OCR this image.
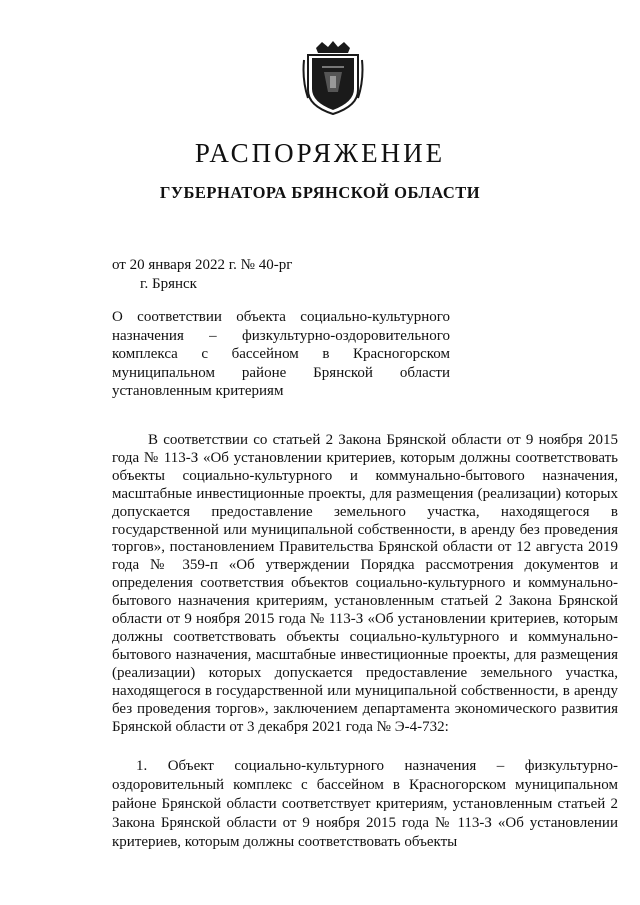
РАСПОРЯЖЕНИЕ
ГУБЕРНАТОРА БРЯНСКОЙ ОБЛАСТИ
от 20 января 2022 г. № 40-рг
г. Брянск

О соответствии объекта социально-культурного назначения – физкультурно-оздоровительного комплекса с бассейном в Красногорском муниципальном районе Брянской области установленным критериям

В соответствии со статьей 2 Закона Брянской области от 9 ноября 2015 года № 113-З «Об установлении критериев, которым должны соответствовать объекты социально-культурного и коммунально-бытового назначения, масштабные инвестиционные проекты, для размещения (реализации) которых допускается предоставление земельного участка, находящегося в государственной или муниципальной собственности, в аренду без проведения торгов», постановлением Правительства Брянской области от 12 августа 2019 года № 359-п «Об утверждении Порядка рассмотрения документов и определения соответствия объектов социально-культурного и коммунально-бытового назначения критериям, установленным статьей 2 Закона Брянской области от 9 ноября 2015 года № 113-З «Об установлении критериев, которым должны соответствовать объекты социально-культурного и коммунально-бытового назначения, масштабные инвестиционные проекты, для размещения (реализации) которых допускается предоставление земельного участка, находящегося в государственной или муниципальной собственности, в аренду без проведения торгов», заключением департамента экономического развития Брянской области от 3 декабря 2021 года № Э-4-732:

1. Объект социально-культурного назначения – физкультурно-оздоровительный комплекс с бассейном в Красногорском муниципальном районе Брянской области соответствует критериям, установленным статьей 2 Закона Брянской области от 9 ноября 2015 года № 113-З «Об установлении критериев, которым должны соответствовать объекты
